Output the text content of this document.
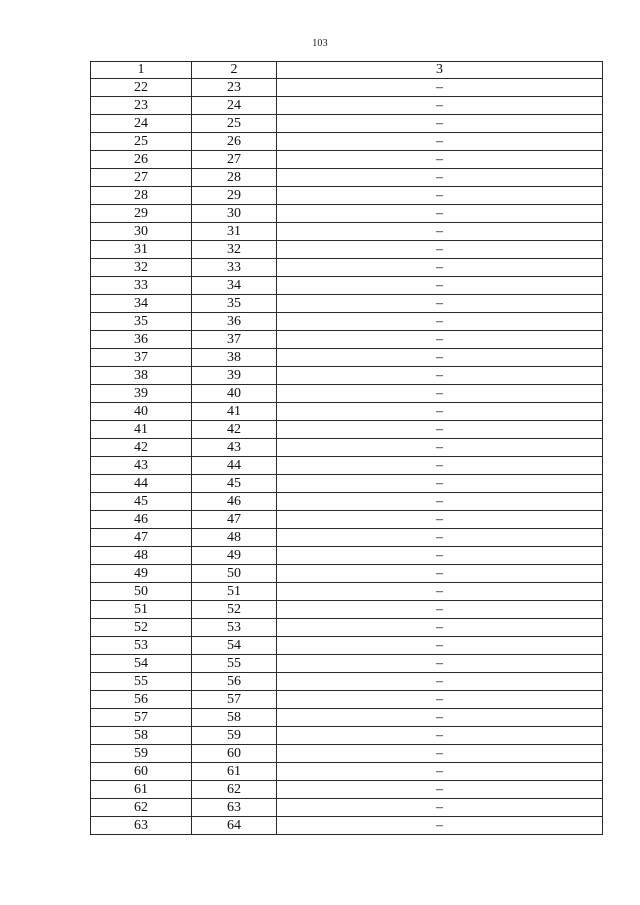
103
1	2	3
22	23	–
23	24	–
24	25	–
25	26	–
26	27	–
27	28	–
28	29	–
29	30	–
30	31	–
31	32	–
32	33	–
33	34	–
34	35	–
35	36	–
36	37	–
37	38	–
38	39	–
39	40	–
40	41	–
41	42	–
42	43	–
43	44	–
44	45	–
45	46	–
46	47	–
47	48	–
48	49	–
49	50	–
50	51	–
51	52	–
52	53	–
53	54	–
54	55	–
55	56	–
56	57	–
57	58	–
58	59	–
59	60	–
60	61	–
61	62	–
62	63	–
63	64	–
